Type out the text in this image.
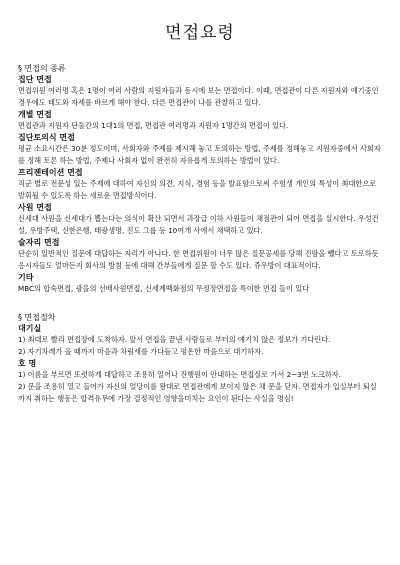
면접요령
§ 면접의 종류
집단 면접

면접위원 여러명 혹은 1명이 여러 사람의 지원자들과 동시에 보는 면접이다. 이때, 면접관이 다른 지원자와 얘기중인 경우에도 태도와 자세를 바르게 해야 한다. 다른 면접관이 나를 관찰하고 있다.

개별 면접

면접관과 지원자 단둘간의 1대1의 면접, 면접관 여러명과 지원자 1명간의 면접이 있다.

집단토의식 면접

평균 소요시간은 30분 정도이며, 사회자와 주제를 제시해 놓고 토의하는 방법, 주제를 정해놓고 지원자중에서 사회자를 정해 토론 하는 방법, 주제나 사회자 없이 완전히 자유롭게 토의하는 방법이 있다.

프리젠테이션 면접

직군 별로 전문성 있는 주제에 대하여 자신의 의견, 지식, 경험 등을 발표함으로써 수험생 개인의 특성이 최대한으로 발휘될 수 있도록 하는 새로운 면접방식이다.

사원 면접

신세대 사원을 신세대가 뽑는다는 의식이 확산 되면서 과장급 이하 사원들이 채점관이 되어 면접을 실시한다. 우성건설, 우방주택, 신한은행, 태광생명, 진도 그룹 등 10여개 사에서 채택하고 있다.

술자리 면접

단순히 일반적인 질문에 대답하는 자리가 아니다. 한 면접위원이 너무 많은 질문공세를 당해 진땀을 뺐다고 토로하듯 응시자들도 얼마든지 회사의 방침 등에 대해 간부들에게 질문 할 수도 있다. 쥬우방이 대표적이다.

기타

MBC의 합숙면접, 광을의 선배사원면접, 신세계백화점의 무정장면접을 특이한 면접 들이 있다

§ 면접절차
대기실

1) 최대로 빨리 면접장에 도착하자. 앞서 면접을 끝낸 사람들로 부터의 얘기치 않은 정보가 기다린다.

2) 자기차례가 올 때까지 마음과 차림새를 가다듬고 평온한 마음으로 대기하자.

호 명

1) 이름을 부르면 또렷하게 대답하고 조용히 일어나 진행원이 안내하는 면접실로 가서 2~3번 노크하자.

2) 문을 조용히 열고 들어가 자신의 얼당이를 왕대로 면접관에게 보이지 않은 채 문을 닫자. 면접자가 입실부터 퇴실까지 취하는 행동은 합격유무에 가장 결정적인 영향을미치는 요인이 된다는 사실을 명심!
